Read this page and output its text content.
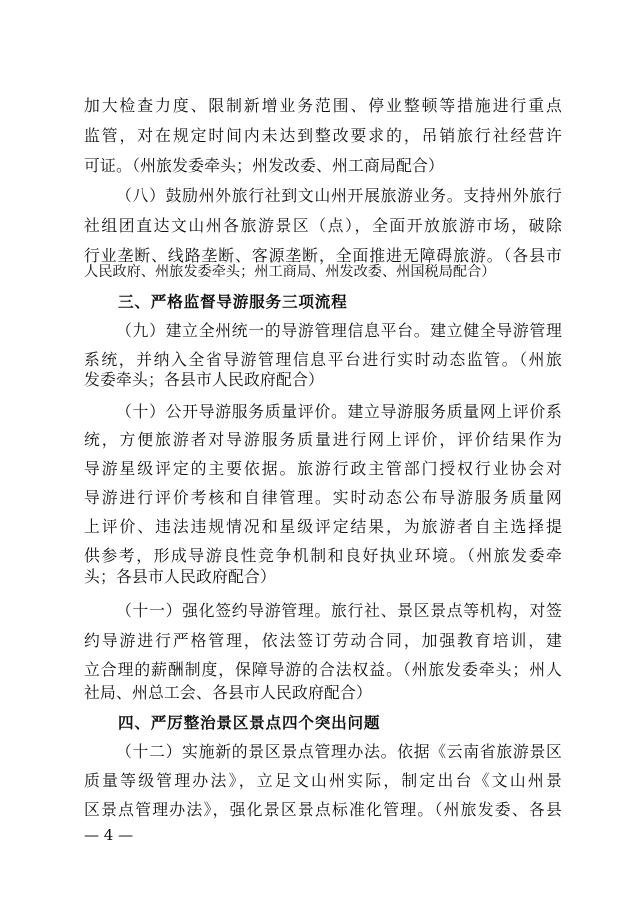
加大检查力度、限制新增业务范围、停业整顿等措施进行重点
监管，对在规定时间内未达到整改要求的，吊销旅行社经营许
可证。（州旅发委牵头；州发改委、州工商局配合）
（八）鼓励州外旅行社到文山州开展旅游业务。支持州外旅行
社组团直达文山州各旅游景区（点），全面开放旅游市场，破除
行业垄断、线路垄断、客源垄断，全面推进无障碍旅游。（各县市
人民政府、州旅发委牵头；州工商局、州发改委、州国税局配合）
三、严格监督导游服务三项流程
（九）建立全州统一的导游管理信息平台。建立健全导游管理
系统，并纳入全省导游管理信息平台进行实时动态监管。（州旅
发委牵头；各县市人民政府配合）
（十）公开导游服务质量评价。建立导游服务质量网上评价系
统，方便旅游者对导游服务质量进行网上评价，评价结果作为
导游星级评定的主要依据。旅游行政主管部门授权行业协会对
导游进行评价考核和自律管理。实时动态公布导游服务质量网
上评价、违法违规情况和星级评定结果，为旅游者自主选择提
供参考，形成导游良性竞争机制和良好执业环境。（州旅发委牵
头；各县市人民政府配合）
（十一）强化签约导游管理。旅行社、景区景点等机构，对签
约导游进行严格管理，依法签订劳动合同，加强教育培训，建
立合理的薪酬制度，保障导游的合法权益。（州旅发委牵头；州人
社局、州总工会、各县市人民政府配合）
四、严厉整治景区景点四个突出问题
（十二）实施新的景区景点管理办法。依据《云南省旅游景区
质量等级管理办法》，立足文山州实际，制定出台《文山州景
区景点管理办法》，强化景区景点标准化管理。（州旅发委、各县
— 4 —
